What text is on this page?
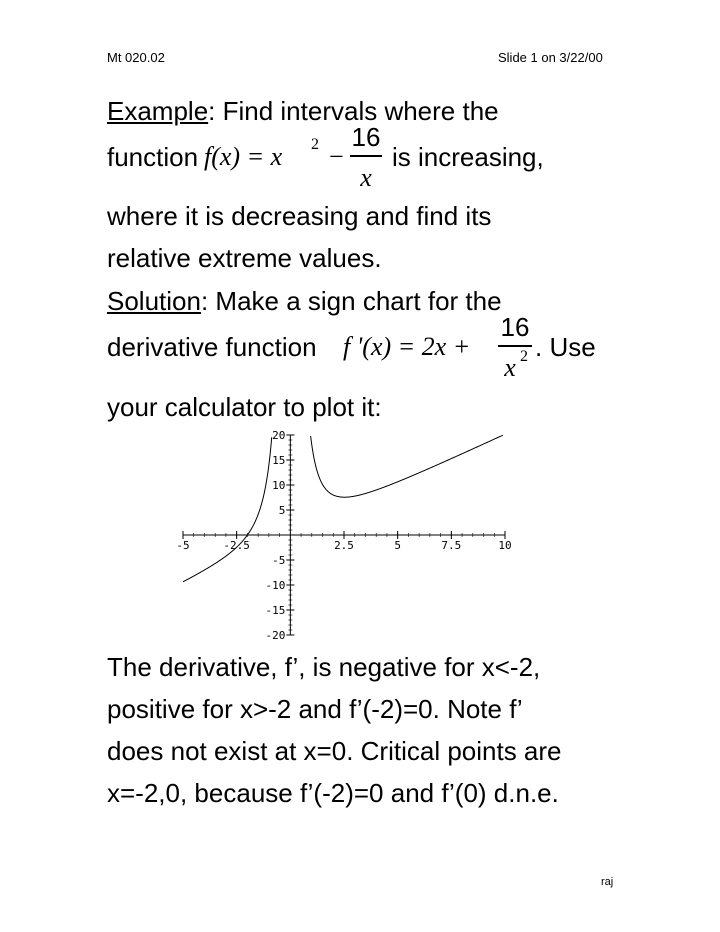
Mt 020.02	Slide 1 on 3/22/00
Example: Find intervals where the
function f(x) = x 2 −
16
x
is increasing,
where it is decreasing and find its
relative extreme values.
Solution: Make a sign chart for the
derivative function f '(x) = 2x +
16
x 2 . Use
your calculator to plot it:
-5	-2.5	2.5	5	7.5	10
20
15
10
5
-5
-10
-15
-20
The derivative, f’, is negative for x<-2,
positive for x>-2 and f’(-2)=0. Note f’
does not exist at x=0. Critical points are
x=-2,0, because f’(-2)=0 and f’(0) d.n.e.
raj
